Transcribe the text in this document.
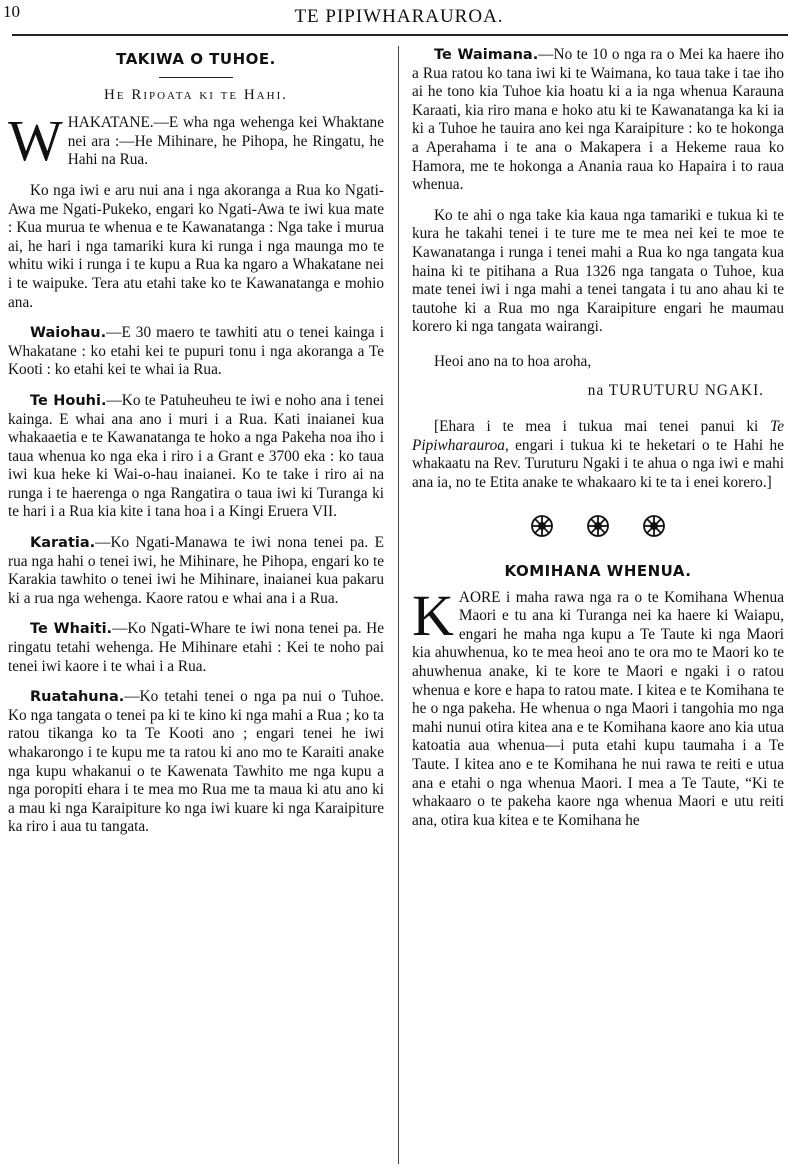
10	TE PIPIWHARAUROA.
TAKIWA O TUHOE.
He Ripoata ki te Hahi.

WHAKATANE.—E wha nga wehenga kei Whaktane nei ara :—He Mihinare, he Pihopa, he Ringatu, he Hahi na Rua.

Ko nga iwi e aru nui ana i nga akoranga a Rua ko Ngati-Awa me Ngati-Pukeko, engari ko Ngati-Awa te iwi kua mate : Kua murua te whenua e te Kawanatanga : Nga take i murua ai, he hari i nga tamariki kura ki runga i nga maunga mo te whitu wiki i runga i te kupu a Rua ka ngaro a Whakatane nei i te waipuke. Tera atu etahi take ko te Kawanatanga e mohio ana.

Waiohau.—E 30 maero te tawhiti atu o tenei kainga i Whakatane : ko etahi kei te pupuri tonu i nga akoranga a Te Kooti : ko etahi kei te whai ia Rua.

Te Houhi.—Ko te Patuheuheu te iwi e noho ana i tenei kainga. E whai ana ano i muri i a Rua. Kati inaianei kua whakaaetia e te Kawanatanga te hoko a nga Pakeha noa iho i taua whenua ko nga eka i riro i a Grant e 3700 eka : ko taua iwi kua heke ki Wai-o-hau inaianei. Ko te take i riro ai na runga i te haerenga o nga Rangatira o taua iwi ki Turanga ki te hari i a Rua kia kite i tana hoa i a Kingi Eruera VII.

Karatia.—Ko Ngati-Manawa te iwi nona tenei pa. E rua nga hahi o tenei iwi, he Mihinare, he Pihopa, engari ko te Karakia tawhito o tenei iwi he Mihinare, inaianei kua pakaru ki a rua nga wehenga. Kaore ratou e whai ana i a Rua.

Te Whaiti.—Ko Ngati-Whare te iwi nona tenei pa. He ringatu tetahi wehenga. He Mihinare etahi : Kei te noho pai tenei iwi kaore i te whai i a Rua.

Ruatahuna.—Ko tetahi tenei o nga pa nui o Tuhoe. Ko nga tangata o tenei pa ki te kino ki nga mahi a Rua ; ko ta ratou tikanga ko ta Te Kooti ano ; engari tenei he iwi whakarongo i te kupu me ta ratou ki ano mo te Karaiti anake nga kupu whakanui o te Kawenata Tawhito me nga kupu a nga poropiti ehara i te mea mo Rua me ta maua ki atu ano ki a mau ki nga Karaipiture ko nga iwi kuare ki nga Karaipiture ka riro i aua tu tangata.

Te Waimana.—No te 10 o nga ra o Mei ka haere iho a Rua ratou ko tana iwi ki te Waimana, ko taua take i tae iho ai he tono kia Tuhoe kia hoatu ki a ia nga whenua Karauna Karaati, kia riro mana e hoko atu ki te Kawanatanga ka ki ia ki a Tuhoe he tauira ano kei nga Karaipiture : ko te hokonga a Aperahama i te ana o Makapera i a Hekeme raua ko Hamora, me te hokonga a Anania raua ko Hapaira i to raua whenua.

Ko te ahi o nga take kia kaua nga tamariki e tukua ki te kura he takahi tenei i te ture me te mea nei kei te moe te Kawanatanga i runga i tenei mahi a Rua ko nga tangata kua haina ki te pitihana a Rua 1326 nga tangata o Tuhoe, kua mate tenei iwi i nga mahi a tenei tangata i tu ano ahau ki te tautohe ki a Rua mo nga Karaipiture engari he maumau korero ki nga tangata wairangi.

Heoi ano na to hoa aroha,
na TURUTURU NGAKI.

[Ehara i te mea i tukua mai tenei panui ki Te Pipiwharauroa, engari i tukua ki te heketari o te Hahi he whakaatu na Rev. Turuturu Ngaki i te ahua o nga iwi e mahi ana ia, no te Etita anake te whakaaro ki te ta i enei korero.]

KOMIHANA WHENUA.

KAORE i maha rawa nga ra o te Komihana Whenua Maori e tu ana ki Turanga nei ka haere ki Waiapu, engari he maha nga kupu a Te Taute ki nga Maori kia ahuwhenua, ko te mea heoi ano te ora mo te Maori ko te ahuwhenua anake, ki te kore te Maori e ngaki i o ratou whenua e kore e hapa to ratou mate. I kitea e te Komihana te he o nga pakeha. He whenua o nga Maori i tangohia mo nga mahi nunui otira kitea ana e te Komihana kaore ano kia utua katoatia aua whenua—i puta etahi kupu taumaha i a Te Taute. I kitea ano e te Komihana he nui rawa te reiti e utua ana e etahi o nga whenua Maori. I mea a Te Taute, “Ki te whakaaro o te pakeha kaore nga whenua Maori e utu reiti ana, otira kua kitea e te Komihana he
